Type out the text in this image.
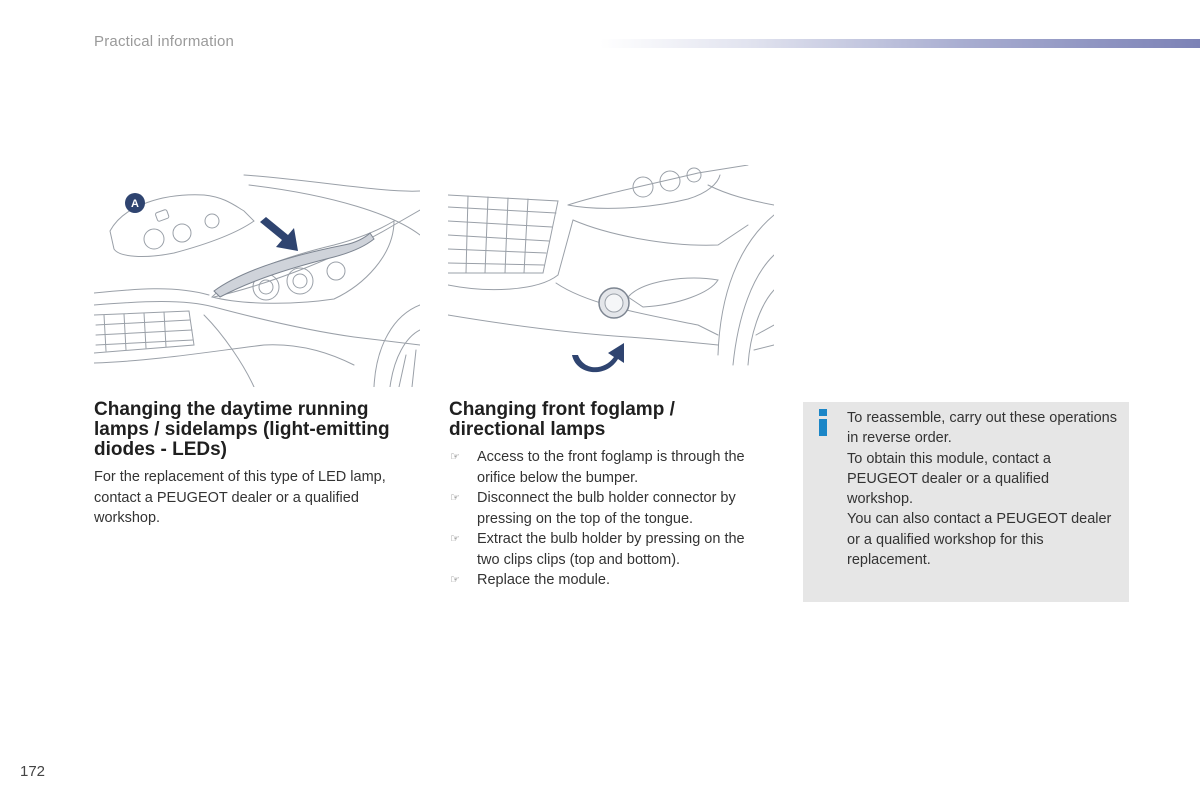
Practical information
A
Changing the daytime running lamps / sidelamps (light-emitting diodes - LEDs)
For the replacement of this type of LED lamp, contact a PEUGEOT dealer or a qualified workshop.
Changing front foglamp / directional lamps
☞ Access to the front foglamp is through the orifice below the bumper.
☞ Disconnect the bulb holder connector by pressing on the top of the tongue.
☞ Extract the bulb holder by pressing on the two clips clips (top and bottom).
☞ Replace the module.

To reassemble, carry out these operations in reverse order.

To obtain this module, contact a PEUGEOT dealer or a qualified workshop.

You can also contact a PEUGEOT dealer or a qualified workshop for this replacement.

172
